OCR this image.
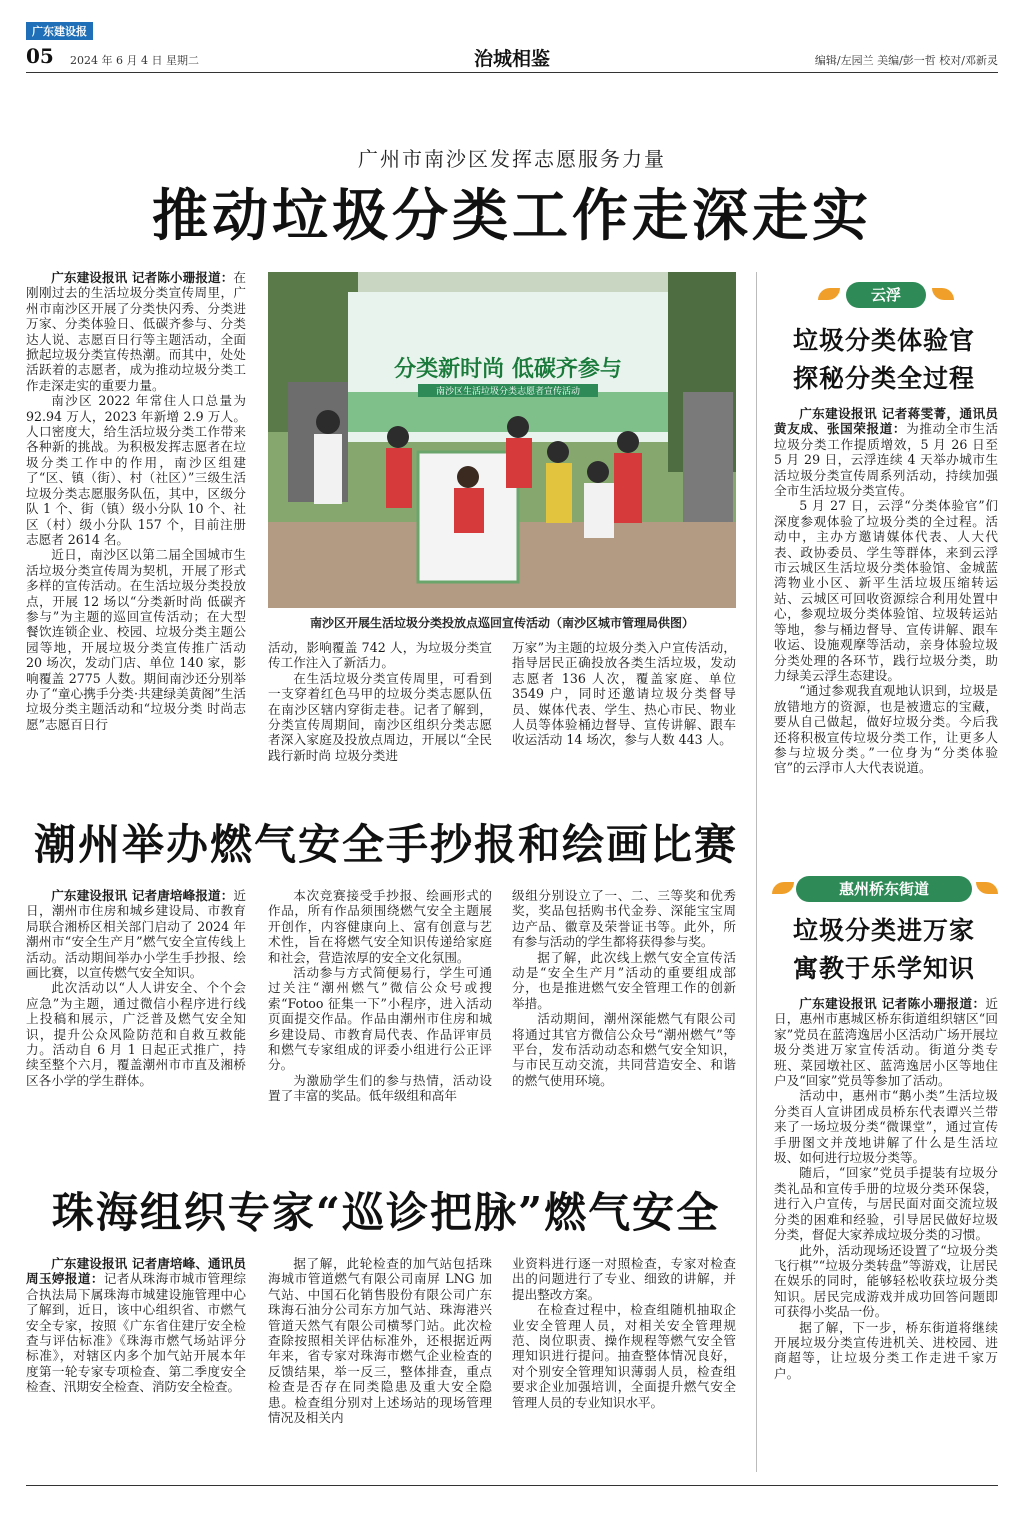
广东建设报
05 2024 年 6 月 4 日 星期二	治城相鉴	编辑/左园兰 美编/彭一哲 校对/邓新灵
广州市南沙区发挥志愿服务力量
推动垃圾分类工作走深走实

广东建设报讯 记者陈小珊报道：在刚刚过去的生活垃圾分类宣传周里，广州市南沙区开展了分类快闪秀、分类进万家、分类体验日、低碳齐参与、分类达人说、志愿百日行等主题活动，全面掀起垃圾分类宣传热潮。而其中，处处活跃着的志愿者，成为推动垃圾分类工作走深走实的重要力量。

南沙区 2022 年常住人口总量为 92.94 万人，2023 年新增 2.9 万人。人口密度大，给生活垃圾分类工作带来各种新的挑战。为积极发挥志愿者在垃圾分类工作中的作用，南沙区组建了“区、镇（街）、村（社区）”三级生活垃圾分类志愿服务队伍，其中，区级分队 1 个、街（镇）级小分队 10 个、社区（村）级小分队 157 个，目前注册志愿者 2614 名。

近日，南沙区以第二届全国城市生活垃圾分类宣传周为契机，开展了形式多样的宣传活动。在生活垃圾分类投放点，开展 12 场以“分类新时尚 低碳齐参与”为主题的巡回宣传活动；在大型餐饮连锁企业、校园、垃圾分类主题公园等地，开展垃圾分类宣传推广活动 20 场次，发动门店、单位 140 家，影响覆盖 2775 人数。期间南沙还分别举办了“童心携手分类·共建绿美黄阁”生活垃圾分类主题活动和“垃圾分类 时尚志愿”志愿百日行

分类新时尚 低碳齐参与
南沙区生活垃圾分类志愿者宣传活动
南沙区开展生活垃圾分类投放点巡回宣传活动（南沙区城市管理局供图）

活动，影响覆盖 742 人，为垃圾分类宣传工作注入了新活力。

在生活垃圾分类宣传周里，可看到一支穿着红色马甲的垃圾分类志愿队伍在南沙区辖内穿街走巷。记者了解到，分类宣传周期间，南沙区组织分类志愿者深入家庭及投放点周边，开展以“全民践行新时尚 垃圾分类进

万家”为主题的垃圾分类入户宣传活动，指导居民正确投放各类生活垃圾，发动志愿者 136 人次，覆盖家庭、单位 3549 户，同时还邀请垃圾分类督导员、媒体代表、学生、热心市民、物业人员等体验桶边督导、宣传讲解、跟车收运活动 14 场次，参与人数 443 人。

潮州举办燃气安全手抄报和绘画比赛

广东建设报讯 记者唐培峰报道：近日，潮州市住房和城乡建设局、市教育局联合湘桥区相关部门启动了 2024 年潮州市“安全生产月”燃气安全宣传线上活动。活动期间举办小学生手抄报、绘画比赛，以宣传燃气安全知识。

此次活动以“人人讲安全、个个会应急”为主题，通过微信小程序进行线上投稿和展示，广泛普及燃气安全知识，提升公众风险防范和自救互救能力。活动自 6 月 1 日起正式推广，持续至整个六月，覆盖潮州市市直及湘桥区各小学的学生群体。

本次竞赛接受手抄报、绘画形式的作品，所有作品须围绕燃气安全主题展开创作，内容健康向上、富有创意与艺术性，旨在将燃气安全知识传递给家庭和社会，营造浓厚的安全文化氛围。

活动参与方式简便易行，学生可通过关注“潮州燃气”微信公众号或搜索“Fotoo 征集一下”小程序，进入活动页面提交作品。作品由潮州市住房和城乡建设局、市教育局代表、作品评审员和燃气专家组成的评委小组进行公正评分。

为激励学生们的参与热情，活动设置了丰富的奖品。低年级组和高年

级组分别设立了一、二、三等奖和优秀奖，奖品包括购书代金券、深能宝宝周边产品、徽章及荣誉证书等。此外，所有参与活动的学生都将获得参与奖。

据了解，此次线上燃气安全宣传活动是“安全生产月”活动的重要组成部分，也是推进燃气安全管理工作的创新举措。

活动期间，潮州深能燃气有限公司将通过其官方微信公众号“潮州燃气”等平台，发布活动动态和燃气安全知识，与市民互动交流，共同营造安全、和谐的燃气使用环境。

珠海组织专家“巡诊把脉”燃气安全

广东建设报讯 记者唐培峰、通讯员周玉婷报道：记者从珠海市城市管理综合执法局下属珠海市城建设施管理中心了解到，近日，该中心组织省、市燃气安全专家，按照《广东省住建厅安全检查与评估标准》《珠海市燃气场站评分标准》，对辖区内多个加气站开展本年度第一轮专家专项检查、第二季度安全检查、汛期安全检查、消防安全检查。

据了解，此轮检查的加气站包括珠海城市管道燃气有限公司南屏 LNG 加气站、中国石化销售股份有限公司广东珠海石油分公司东方加气站、珠海港兴管道天然气有限公司横琴门站。此次检查除按照相关评估标准外，还根据近两年来，省专家对珠海市燃气企业检查的反馈结果，举一反三，整体排查，重点检查是否存在同类隐患及重大安全隐患。检查组分别对上述场站的现场管理情况及相关内

业资料进行逐一对照检查，专家对检查出的问题进行了专业、细致的讲解，并提出整改方案。

在检查过程中，检查组随机抽取企业安全管理人员，对相关安全管理规范、岗位职责、操作规程等燃气安全管理知识进行提问。抽查整体情况良好，对个别安全管理知识薄弱人员，检查组要求企业加强培训，全面提升燃气安全管理人员的专业知识水平。

云浮
垃圾分类体验官
探秘分类全过程

广东建设报讯 记者蒋雯菁，通讯员黄友成、张国荣报道：为推动全市生活垃圾分类工作提质增效，5 月 26 日至 5 月 29 日，云浮连续 4 天举办城市生活垃圾分类宣传周系列活动，持续加强全市生活垃圾分类宣传。

5 月 27 日，云浮“分类体验官”们深度参观体验了垃圾分类的全过程。活动中，主办方邀请媒体代表、人大代表、政协委员、学生等群体，来到云浮市云城区生活垃圾分类体验馆、金城蓝湾物业小区、新平生活垃圾压缩转运站、云城区可回收资源综合利用处置中心，参观垃圾分类体验馆、垃圾转运站等地，参与桶边督导、宣传讲解、跟车收运、设施观摩等活动，亲身体验垃圾分类处理的各环节，践行垃圾分类，助力绿美云浮生态建设。

“通过参观我直观地认识到，垃圾是放错地方的资源，也是被遗忘的宝藏，要从自己做起，做好垃圾分类。今后我还将积极宣传垃圾分类工作，让更多人参与垃圾分类。”一位身为“分类体验官”的云浮市人大代表说道。

惠州桥东街道
垃圾分类进万家
寓教于乐学知识

广东建设报讯 记者陈小珊报道：近日，惠州市惠城区桥东街道组织辖区“回家”党员在蓝湾逸居小区活动广场开展垃圾分类进万家宣传活动。街道分类专班、菜园墩社区、蓝湾逸居小区等地住户及“回家”党员等参加了活动。

活动中，惠州市“鹅小类”生活垃圾分类百人宣讲团成员桥东代表谭兴兰带来了一场垃圾分类“微课堂”，通过宣传手册图文并茂地讲解了什么是生活垃圾、如何进行垃圾分类等。

随后，“回家”党员手提装有垃圾分类礼品和宣传手册的垃圾分类环保袋，进行入户宣传，与居民面对面交流垃圾分类的困难和经验，引导居民做好垃圾分类，督促大家养成垃圾分类的习惯。

此外，活动现场还设置了“垃圾分类飞行棋”“垃圾分类转盘”等游戏，让居民在娱乐的同时，能够轻松收获垃圾分类知识。居民完成游戏并成功回答问题即可获得小奖品一份。

据了解，下一步，桥东街道将继续开展垃圾分类宣传进机关、进校园、进商超等，让垃圾分类工作走进千家万户。
